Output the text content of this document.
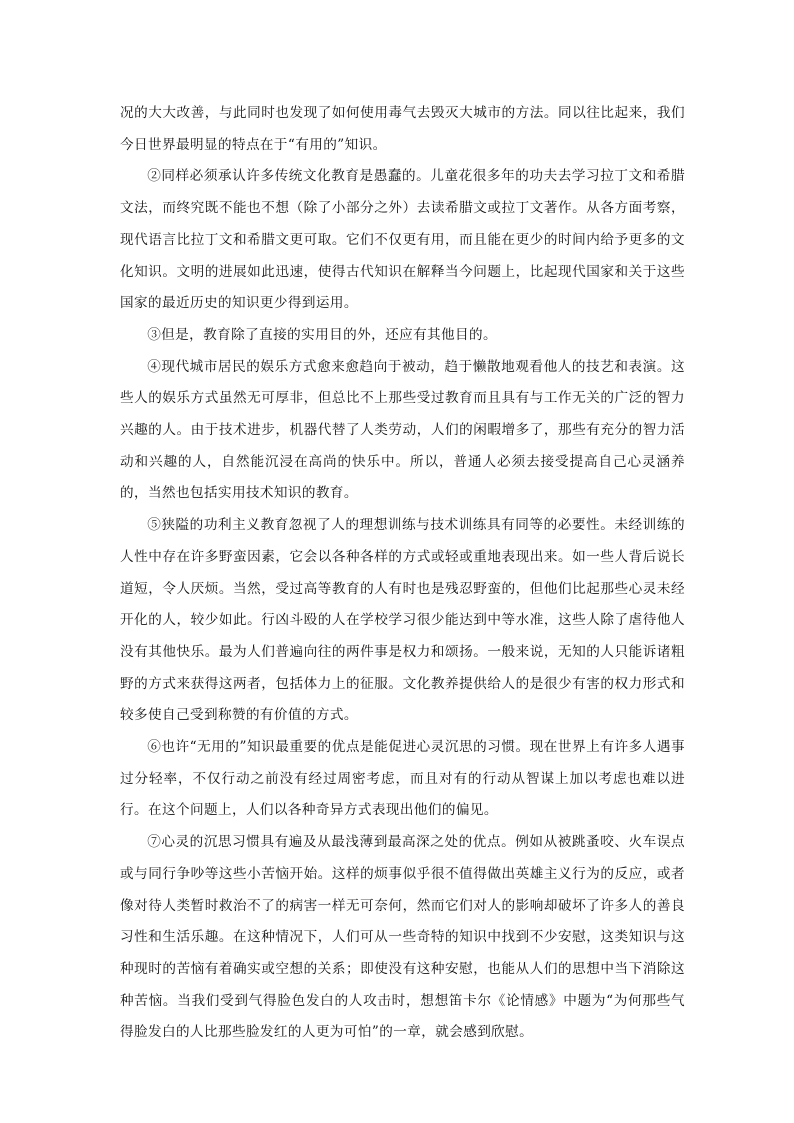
况的大大改善，与此同时也发现了如何使用毒气去毁灭大城市的方法。同以往比起来，我们今日世界最明显的特点在于“有用的”知识。

②同样必须承认许多传统文化教育是愚蠢的。儿童花很多年的功夫去学习拉丁文和希腊文法，而终究既不能也不想（除了小部分之外）去读希腊文或拉丁文著作。从各方面考察，现代语言比拉丁文和希腊文更可取。它们不仅更有用，而且能在更少的时间内给予更多的文化知识。文明的进展如此迅速，使得古代知识在解释当今问题上，比起现代国家和关于这些国家的最近历史的知识更少得到运用。

③但是，教育除了直接的实用目的外，还应有其他目的。

④现代城市居民的娱乐方式愈来愈趋向于被动，趋于懒散地观看他人的技艺和表演。这些人的娱乐方式虽然无可厚非，但总比不上那些受过教育而且具有与工作无关的广泛的智力兴趣的人。由于技术进步，机器代替了人类劳动，人们的闲暇增多了，那些有充分的智力活动和兴趣的人，自然能沉浸在高尚的快乐中。所以，普通人必须去接受提高自己心灵涵养的，当然也包括实用技术知识的教育。

⑤狭隘的功利主义教育忽视了人的理想训练与技术训练具有同等的必要性。未经训练的人性中存在许多野蛮因素，它会以各种各样的方式或轻或重地表现出来。如一些人背后说长道短，令人厌烦。当然，受过高等教育的人有时也是残忍野蛮的，但他们比起那些心灵未经开化的人，较少如此。行凶斗殴的人在学校学习很少能达到中等水准，这些人除了虐待他人没有其他快乐。最为人们普遍向往的两件事是权力和颂扬。一般来说，无知的人只能诉诸粗野的方式来获得这两者，包括体力上的征服。文化教养提供给人的是很少有害的权力形式和较多使自己受到称赞的有价值的方式。

⑥也许“无用的”知识最重要的优点是能促进心灵沉思的习惯。现在世界上有许多人遇事过分轻率，不仅行动之前没有经过周密考虑，而且对有的行动从智谋上加以考虑也难以进行。在这个问题上，人们以各种奇异方式表现出他们的偏见。

⑦心灵的沉思习惯具有遍及从最浅薄到最高深之处的优点。例如从被跳蚤咬、火车误点或与同行争吵等这些小苦恼开始。这样的烦事似乎很不值得做出英雄主义行为的反应，或者像对待人类暂时救治不了的病害一样无可奈何，然而它们对人的影响却破坏了许多人的善良习性和生活乐趣。在这种情况下，人们可从一些奇特的知识中找到不少安慰，这类知识与这种现时的苦恼有着确实或空想的关系；即使没有这种安慰，也能从人们的思想中当下消除这种苦恼。当我们受到气得脸色发白的人攻击时，想想笛卡尔《论情感》中题为“为何那些气得脸发白的人比那些脸发红的人更为可怕”的一章，就会感到欣慰。
